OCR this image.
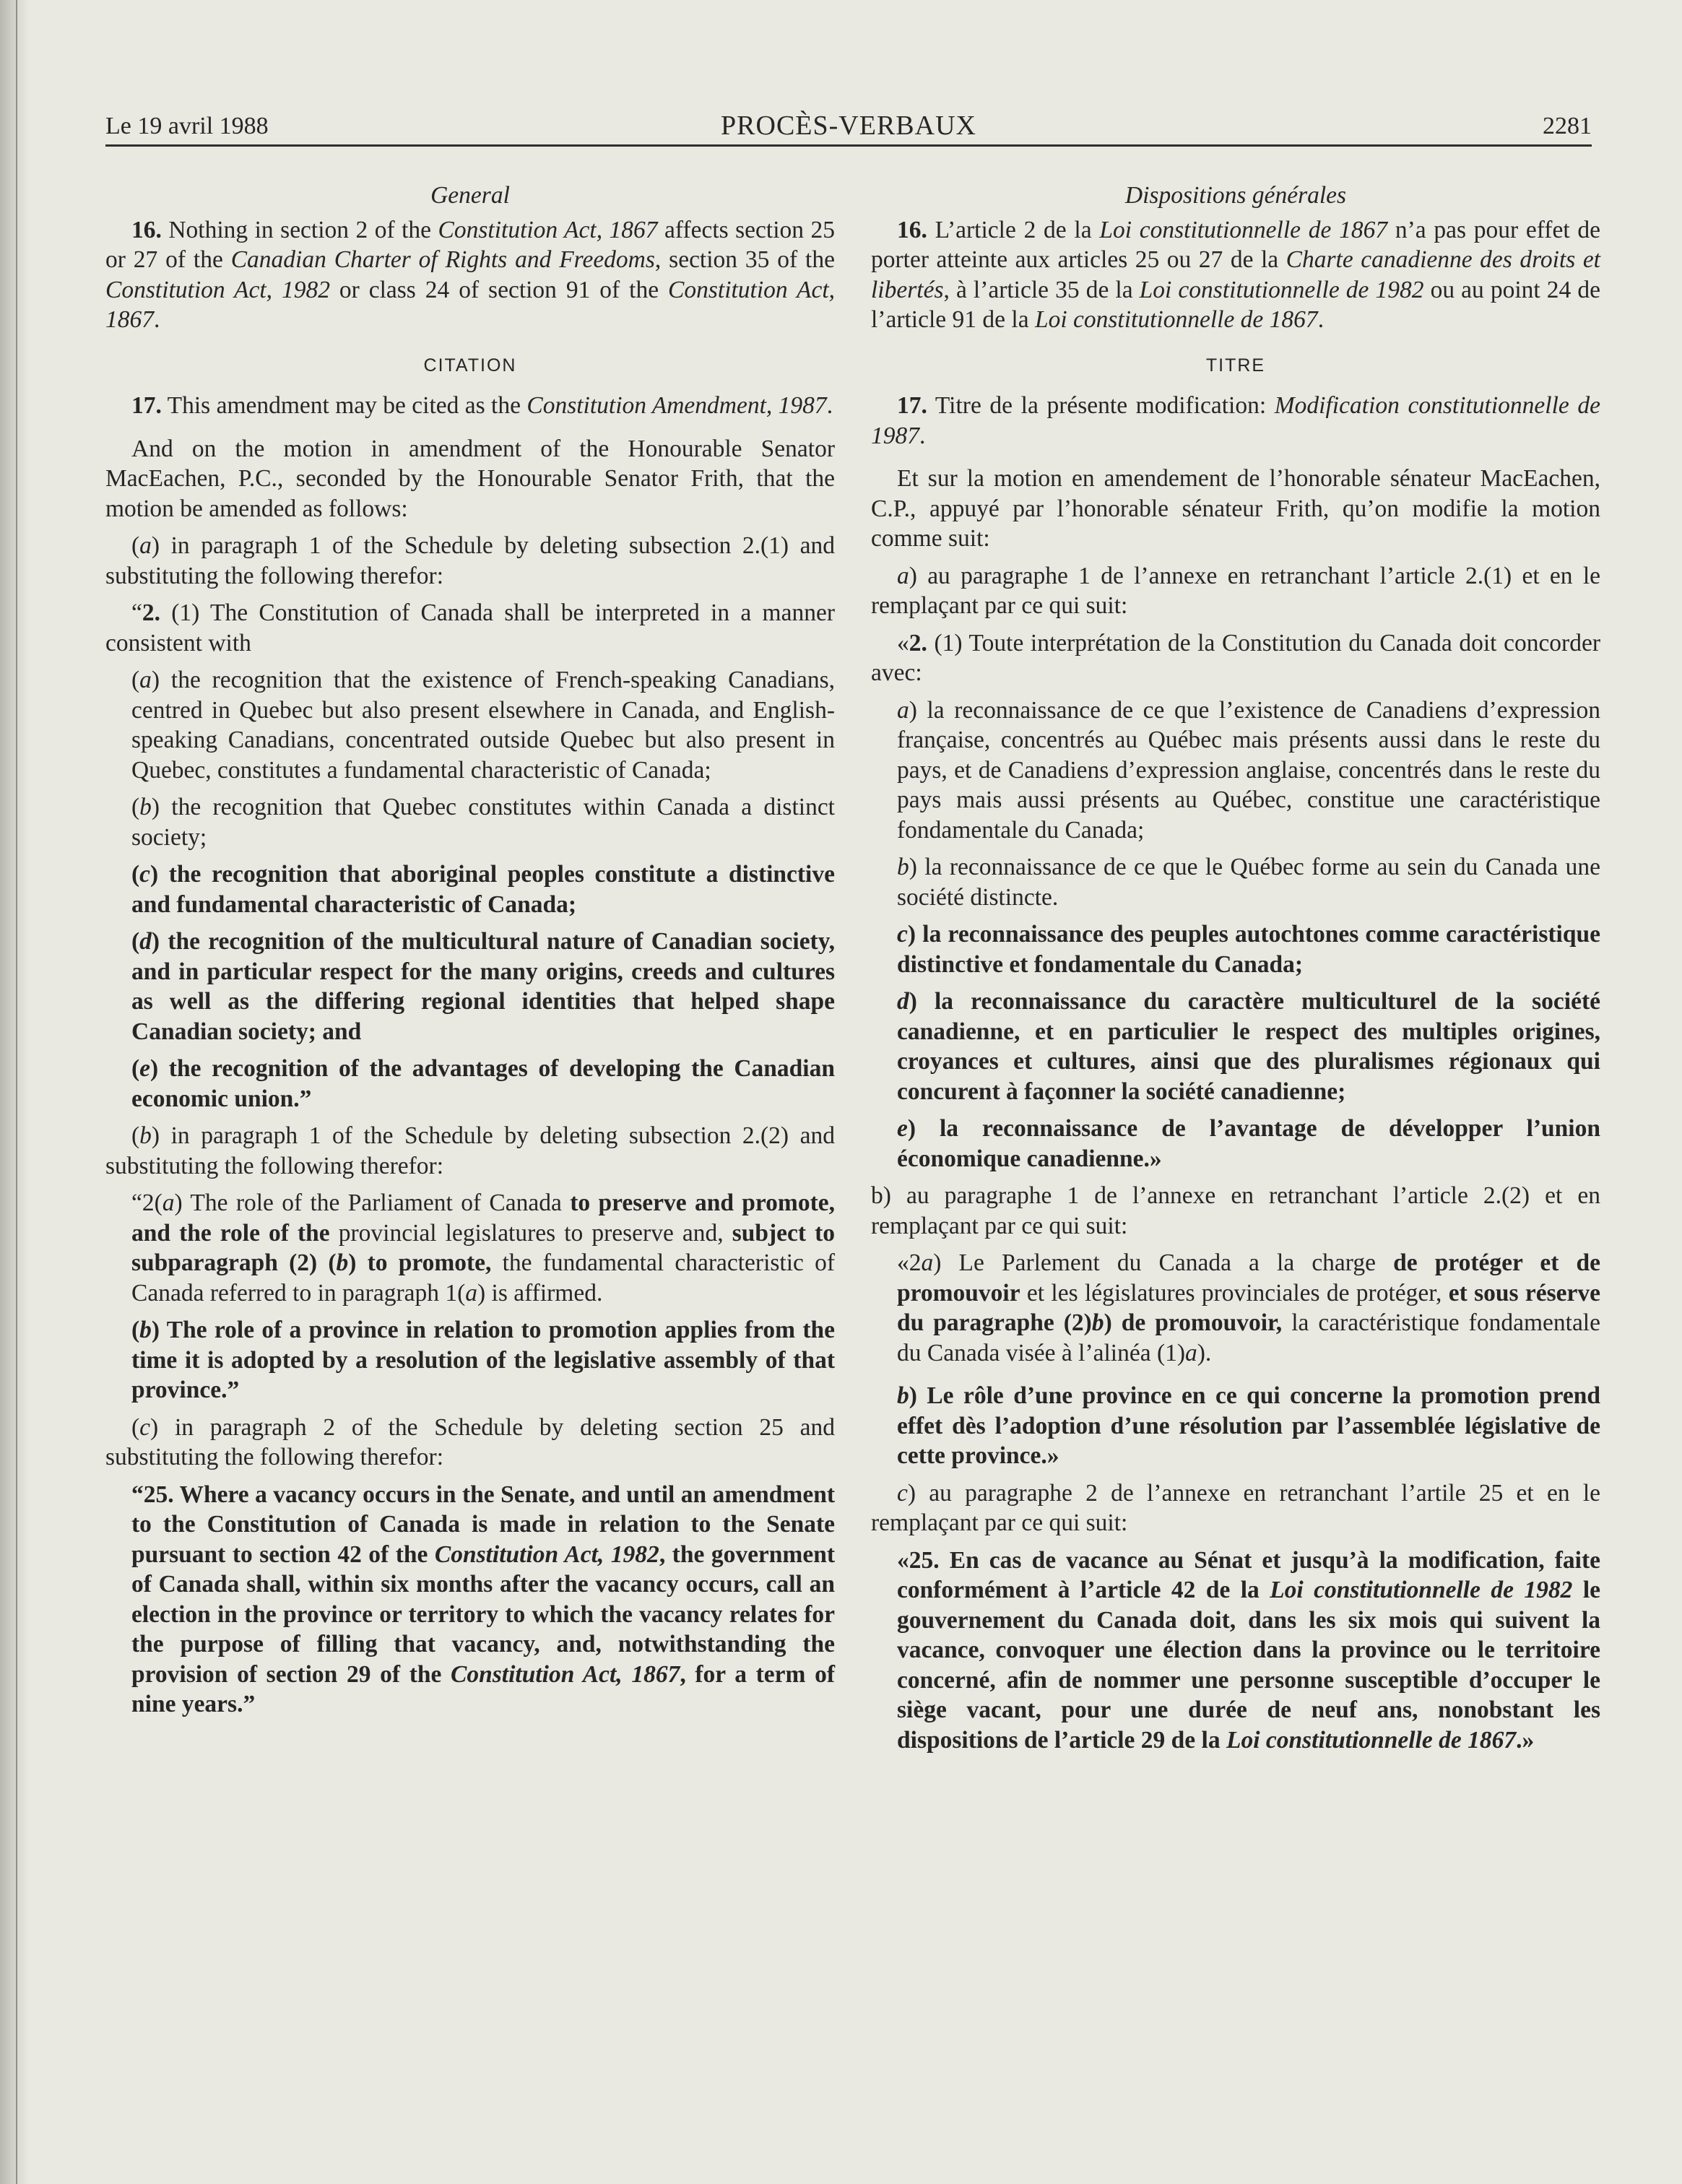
Le 19 avril 1988	PROCÈS-VERBAUX	2281

General

16. Nothing in section 2 of the Constitution Act, 1867 affects section 25 or 27 of the Canadian Charter of Rights and Freedoms, section 35 of the Constitution Act, 1982 or class 24 of section 91 of the Constitution Act, 1867.

CITATION

17. This amendment may be cited as the Constitution Amendment, 1987.

And on the motion in amendment of the Honourable Senator MacEachen, P.C., seconded by the Honourable Senator Frith, that the motion be amended as follows:

(a) in paragraph 1 of the Schedule by deleting subsection 2.(1) and substituting the following therefor:

“2. (1) The Constitution of Canada shall be interpreted in a manner consistent with

(a) the recognition that the existence of French-speaking Canadians, centred in Quebec but also present elsewhere in Canada, and English-speaking Canadians, concentrated outside Quebec but also present in Quebec, constitutes a fundamental characteristic of Canada;

(b) the recognition that Quebec constitutes within Canada a distinct society;

(c) the recognition that aboriginal peoples constitute a distinctive and fundamental characteristic of Canada;

(d) the recognition of the multicultural nature of Canadian society, and in particular respect for the many origins, creeds and cultures as well as the differing regional identities that helped shape Canadian society; and

(e) the recognition of the advantages of developing the Canadian economic union.”

(b) in paragraph 1 of the Schedule by deleting subsection 2.(2) and substituting the following therefor:

“2(a) The role of the Parliament of Canada to preserve and promote, and the role of the provincial legislatures to preserve and, subject to subparagraph (2) (b) to promote, the fundamental characteristic of Canada referred to in paragraph 1(a) is affirmed.

(b) The role of a province in relation to promotion applies from the time it is adopted by a resolution of the legislative assembly of that province.”

(c) in paragraph 2 of the Schedule by deleting section 25 and substituting the following therefor:

“25. Where a vacancy occurs in the Senate, and until an amendment to the Constitution of Canada is made in relation to the Senate pursuant to section 42 of the Constitution Act, 1982, the government of Canada shall, within six months after the vacancy occurs, call an election in the province or territory to which the vacancy relates for the purpose of filling that vacancy, and, notwithstanding the provision of section 29 of the Constitution Act, 1867, for a term of nine years.”

Dispositions générales

16. L’article 2 de la Loi constitutionnelle de 1867 n’a pas pour effet de porter atteinte aux articles 25 ou 27 de la Charte canadienne des droits et libertés, à l’article 35 de la Loi constitutionnelle de 1982 ou au point 24 de l’article 91 de la Loi constitutionnelle de 1867.

TITRE

17. Titre de la présente modification: Modification constitutionnelle de 1987.

Et sur la motion en amendement de l’honorable sénateur MacEachen, C.P., appuyé par l’honorable sénateur Frith, qu’on modifie la motion comme suit:

a) au paragraphe 1 de l’annexe en retranchant l’article 2.(1) et en le remplaçant par ce qui suit:

«2. (1) Toute interprétation de la Constitution du Canada doit concorder avec:

a) la reconnaissance de ce que l’existence de Canadiens d’expression française, concentrés au Québec mais présents aussi dans le reste du pays, et de Canadiens d’expression anglaise, concentrés dans le reste du pays mais aussi présents au Québec, constitue une caractéristique fondamentale du Canada;

b) la reconnaissance de ce que le Québec forme au sein du Canada une société distincte.

c) la reconnaissance des peuples autochtones comme caractéristique distinctive et fondamentale du Canada;

d) la reconnaissance du caractère multiculturel de la société canadienne, et en particulier le respect des multiples origines, croyances et cultures, ainsi que des pluralismes régionaux qui concurent à façonner la société canadienne;

e) la reconnaissance de l’avantage de développer l’union économique canadienne.»

b) au paragraphe 1 de l’annexe en retranchant l’article 2.(2) et en remplaçant par ce qui suit:

«2a) Le Parlement du Canada a la charge de protéger et de promouvoir et les législatures provinciales de protéger, et sous réserve du paragraphe (2)b) de promouvoir, la caractéristique fondamentale du Canada visée à l’alinéa (1)a).

b) Le rôle d’une province en ce qui concerne la promotion prend effet dès l’adoption d’une résolution par l’assemblée législative de cette province.»

c) au paragraphe 2 de l’annexe en retranchant l’artile 25 et en le remplaçant par ce qui suit:

«25. En cas de vacance au Sénat et jusqu’à la modification, faite conformément à l’article 42 de la Loi constitutionnelle de 1982 le gouvernement du Canada doit, dans les six mois qui suivent la vacance, convoquer une élection dans la province ou le territoire concerné, afin de nommer une personne susceptible d’occuper le siège vacant, pour une durée de neuf ans, nonobstant les dispositions de l’article 29 de la Loi constitutionnelle de 1867.»
